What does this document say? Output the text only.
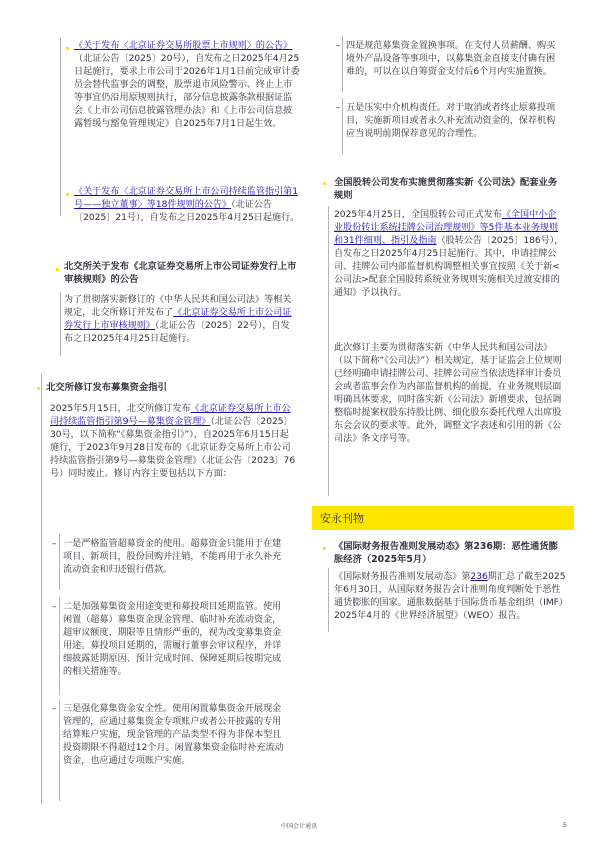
《关于发布〈北京证券交易所股票上市规则〉的公告》（北证公告〔2025〕20号），自发布之日2025年4月25日起施行，要求上市公司于2026年1月1日前完成审计委员会替代监事会的调整，股票退市风险警示、终止上市等事宜仍沿用原规则执行，部分信息披露条款根据证监会《上市公司信息披露管理办法》和《上市公司信息披露暂缓与豁免管理规定》自2025年7月1日起生效。

《关于发布〈北京证券交易所上市公司持续监管指引第1号——独立董事〉等18件规则的公告》（北证公告〔2025〕21号），自发布之日2025年4月25日起施行。

北交所关于发布《北京证券交易所上市公司证券发行上市审核规则》的公告

为了贯彻落实新修订的《中华人民共和国公司法》等相关规定，北交所修订并发布了《北京证券交易所上市公司证券发行上市审核规则》（北证公告〔2025〕22号），自发布之日2025年4月25日起施行。

北交所修订发布募集资金指引

2025年5月15日，北交所修订发布《北京证券交易所上市公司持续监管指引第9号—募集资金管理》（北证公告〔2025〕30号，以下简称“《募集资金指引》”），自2025年6月15日起施行，于2023年9月28日发布的《北京证券交易所上市公司持续监管指引第9号—募集资金管理》（北证公告〔2023〕76号）同时废止。修订内容主要包括以下方面：

– 一是严格监管超募资金的使用。超募资金只能用于在建项目、新项目，股份回购并注销，不能再用于永久补充流动资金和归还银行借款。
– 二是加强募集资金用途变更和募投项目延期监管。使用闲置（超募）募集资金现金管理、临时补充流动资金，超审议额度、期限等且情形严重的，视为改变募集资金用途。募投项目延期的，需履行董事会审议程序，并详细披露延期原因、预计完成时间、保障延期后按期完成的相关措施等。
– 三是强化募集资金安全性。使用闲置募集资金开展现金管理的，应通过募集资金专项账户或者公开披露的专用结算账户实施，现金管理的产品类型不得为非保本型且投资期限不得超过12个月。闲置募集资金临时补充流动资金，也应通过专项账户实施。
– 四是规范募集资金置换事项。在支付人员薪酬、购买境外产品设备等事项中，以募集资金直接支付确有困难的，可以在以自筹资金支付后6个月内实施置换。
– 五是压实中介机构责任。对于取消或者终止原募投项目，实施新项目或者永久补充流动资金的，保荐机构应当说明前期保荐意见的合理性。
全国股转公司发布实施贯彻落实新《公司法》配套业务规则

2025年4月25日，全国股转公司正式发布《全国中小企业股份转让系统挂牌公司治理规则》等5件基本业务规则和31件细则、指引及指南（股转公告〔2025〕186号），自发布之日2025年4月25日起施行。其中，申请挂牌公司、挂牌公司内部监督机构调整相关事宜按照《关于新<公司法>配套全国股转系统业务规则实施相关过渡安排的通知》予以执行。

此次修订主要为贯彻落实新《中华人民共和国公司法》（以下简称“《公司法》”）相关规定，基于证监会上位规则已经明确申请挂牌公司、挂牌公司应当依法选择审计委员会或者监事会作为内部监督机构的前提，在业务规则层面明确具体要求，同时落实新《公司法》新增要求，包括调整临时提案权股东持股比例、细化股东委托代理人出席股东会会议的要求等。此外，调整文字表述和引用的新《公司法》条文序号等。
安永刊物
《国际财务报告准则发展动态》第236期：恶性通货膨胀经济（2025年5月）

《国际财务报告准则发展动态》第236期汇总了截至2025年6月30日，从国际财务报告会计准则角度判断处于恶性通货膨胀的国家。通胀数据基于国际货币基金组织（IMF）2025年4月的《世界经济展望》（WEO）报告。

中国会计通讯	5
